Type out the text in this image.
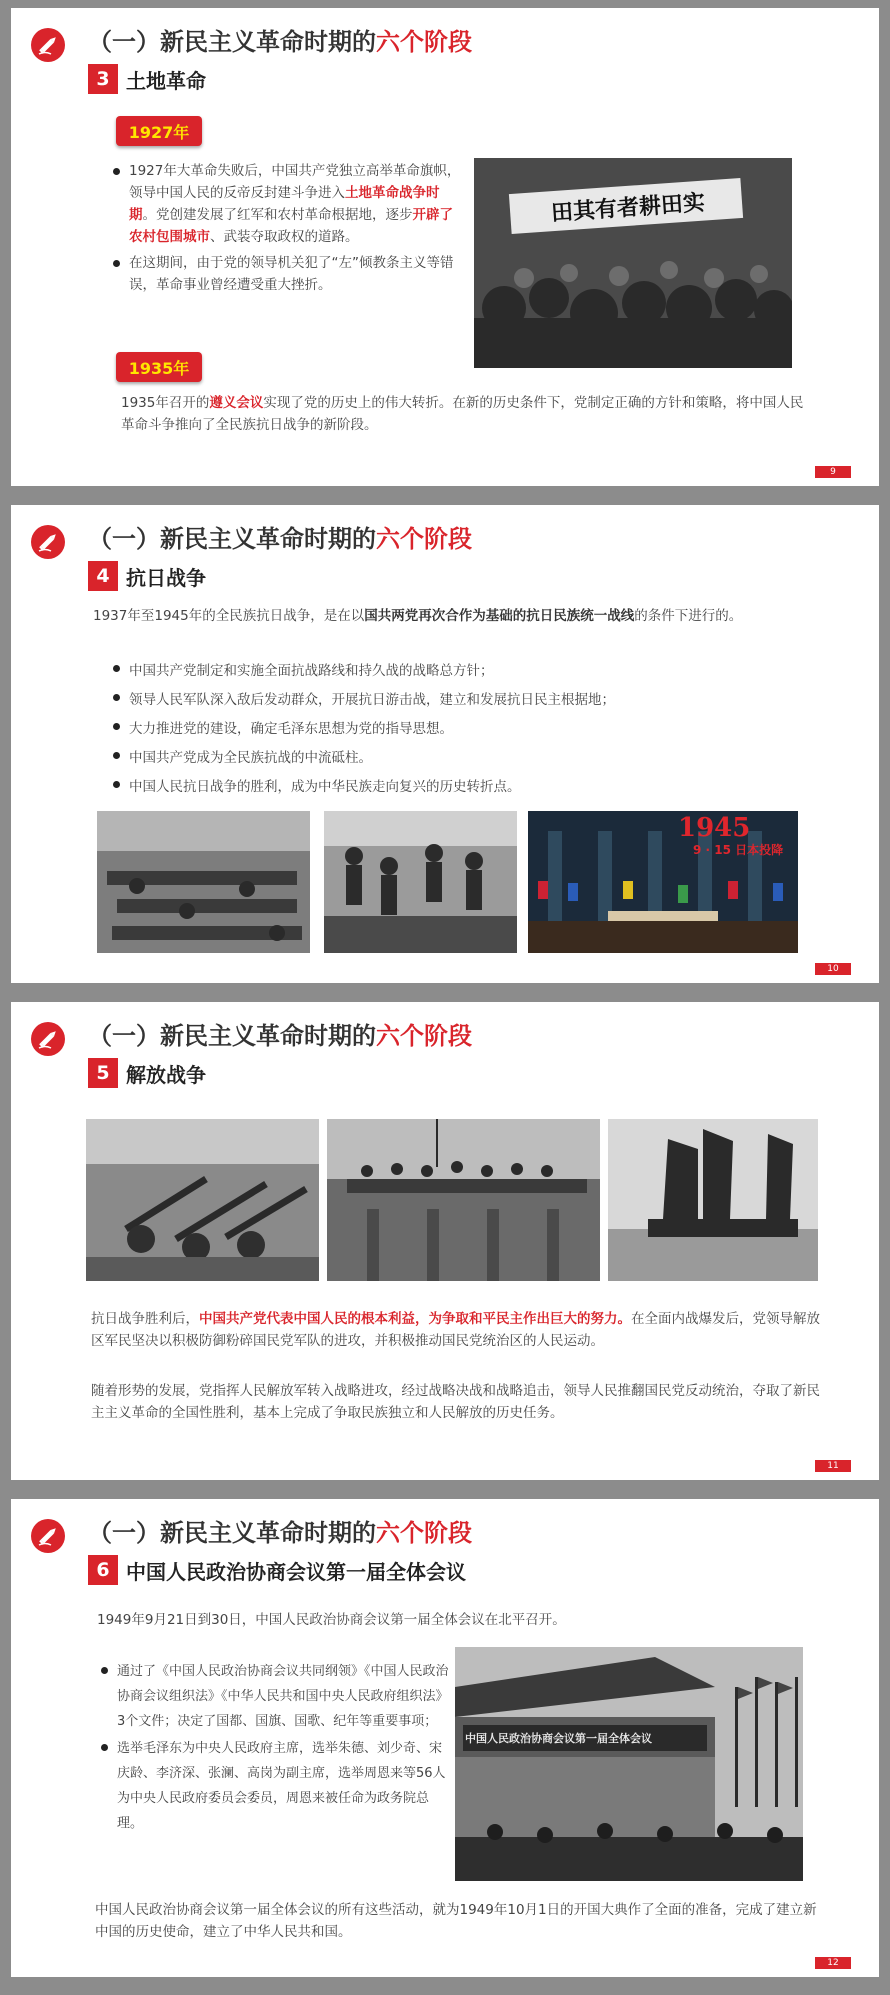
（一）新民主义革命时期的六个阶段
3 土地革命
1927年
1927年大革命失败后，中国共产党独立高举革命旗帜，领导中国人民的反帝反封建斗争进入土地革命战争时期。党创建发展了红军和农村革命根据地，逐步开辟了农村包围城市、武装夺取政权的道路。
在这期间，由于党的领导机关犯了“左”倾教条主义等错误，革命事业曾经遭受重大挫折。
田其有者耕田实
1935年
1935年召开的遵义会议实现了党的历史上的伟大转折。在新的历史条件下，党制定正确的方针和策略，将中国人民革命斗争推向了全民族抗日战争的新阶段。
9
（一）新民主义革命时期的六个阶段
4 抗日战争
1937年至1945年的全民族抗日战争，是在以国共两党再次合作为基础的抗日民族统一战线的条件下进行的。
中国共产党制定和实施全面抗战路线和持久战的战略总方针；
领导人民军队深入敌后发动群众，开展抗日游击战，建立和发展抗日民主根据地；
大力推进党的建设，确定毛泽东思想为党的指导思想。
中国共产党成为全民族抗战的中流砥柱。
中国人民抗日战争的胜利，成为中华民族走向复兴的历史转折点。
1945
9 · 15 日本投降
10
（一）新民主义革命时期的六个阶段
5 解放战争
抗日战争胜利后，中国共产党代表中国人民的根本利益，为争取和平民主作出巨大的努力。在全面内战爆发后，党领导解放区军民坚决以积极防御粉碎国民党军队的进攻，并积极推动国民党统治区的人民运动。
随着形势的发展，党指挥人民解放军转入战略进攻，经过战略决战和战略追击，领导人民推翻国民党反动统治，夺取了新民主主义革命的全国性胜利，基本上完成了争取民族独立和人民解放的历史任务。
11
（一）新民主义革命时期的六个阶段
6 中国人民政治协商会议第一届全体会议
1949年9月21日到30日，中国人民政治协商会议第一届全体会议在北平召开。
通过了《中国人民政治协商会议共同纲领》《中国人民政治协商会议组织法》《中华人民共和国中央人民政府组织法》3个文件；决定了国都、国旗、国歌、纪年等重要事项；
选举毛泽东为中央人民政府主席，选举朱德、刘少奇、宋庆龄、李济深、张澜、高岗为副主席，选举周恩来等56人为中央人民政府委员会委员，周恩来被任命为政务院总理。
中国人民政治协商会议第一届全体会议
中国人民政治协商会议第一届全体会议的所有这些活动，就为1949年10月1日的开国大典作了全面的准备，完成了建立新中国的历史使命，建立了中华人民共和国。
12
